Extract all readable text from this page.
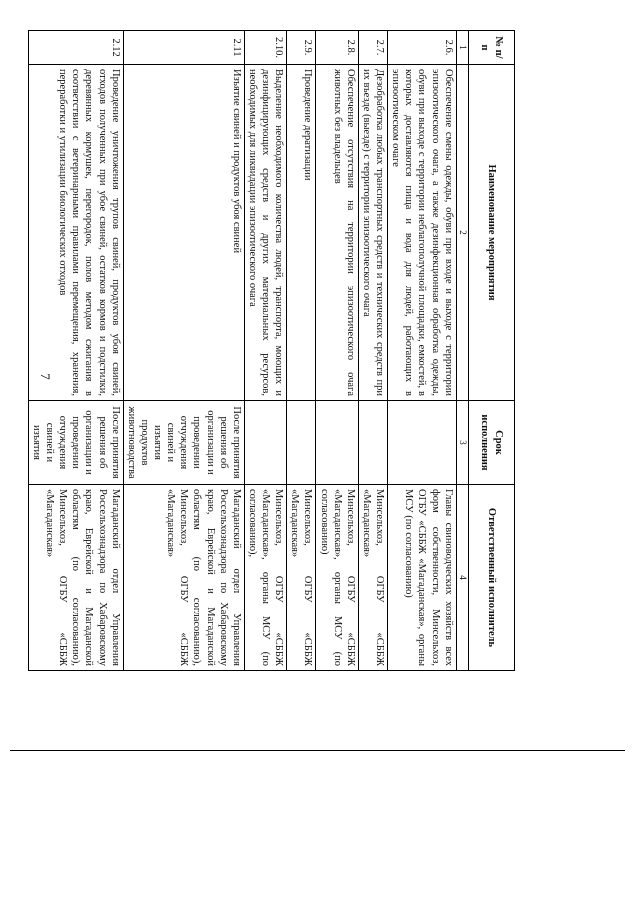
7
№ п/п	Наименование мероприятия	Срок исполнения	Ответственный исполнитель
1	2	3	4
2.6.	Обеспечение смены одежды, обуви при входе и выходе с территории эпизоотического очага, а также дезинфекционная обработка одежды, обуви при выходе с территории неблагополучной площадки, емкостей, в которых доставляются пища и вода для людей, работающих в эпизоотическом очаге		Главы свиноводческих хозяйств всех форм собственности, Минсельхоз, ОГБУ «СББЖ «Магаданская», органы МСУ (по согласованию)
2.7.	Дезобработка любых транспортных средств и технических средств при их въезде (выезде) с территории эпизоотического очага		Минсельхоз, ОГБУ «СББЖ «Магаданская»
2.8.	Обеспечение отсутствия на территории эпизоотического очага животных без владельцев		Минсельхоз, ОГБУ «СББЖ «Магаданская», органы МСУ (по согласованию)
2.9.	Проведение дератизации		Минсельхоз, ОГБУ «СББЖ «Магаданская»
2.10.	Выделение необходимого количества людей, транспорта, моющих и дезинфицирующих средств и других материальных ресурсов, необходимых для ликвидации эпизоотического очага		Минсельхоз, ОГБУ «СББЖ «Магаданская», органы МСУ (по согласованию),
2.11	Изъятие свиней и продуктов убоя свиней	После принятия решения об организации и проведении отчуждения свиней и изъятия продуктов животноводства	Магаданский отдел Управления Россельхознадзора по Хабаровскому краю, Еврейской и Магаданской областям (по согласованию), Минсельхоз, ОГБУ «СББЖ «Магаданская»
2.12	Проведение уничтожения трупов свиней, продуктов убоя свиней, отходов полученных при убое свиней, остатков кормов и подстилки, деревянных кормушек, перегородок, полов методом сжигания в соответствии с ветеринарными правилами перемещения, хранения, переработки и утилизации биологических отходов	После принятия решения об организации и проведении отчуждения свиней и изъятия	Магаданский отдел Управления Россельхознадзора по Хабаровскому краю, Еврейской и Магаданской областям (по согласованию), Минсельхоз, ОГБУ «СББЖ «Магаданская»
